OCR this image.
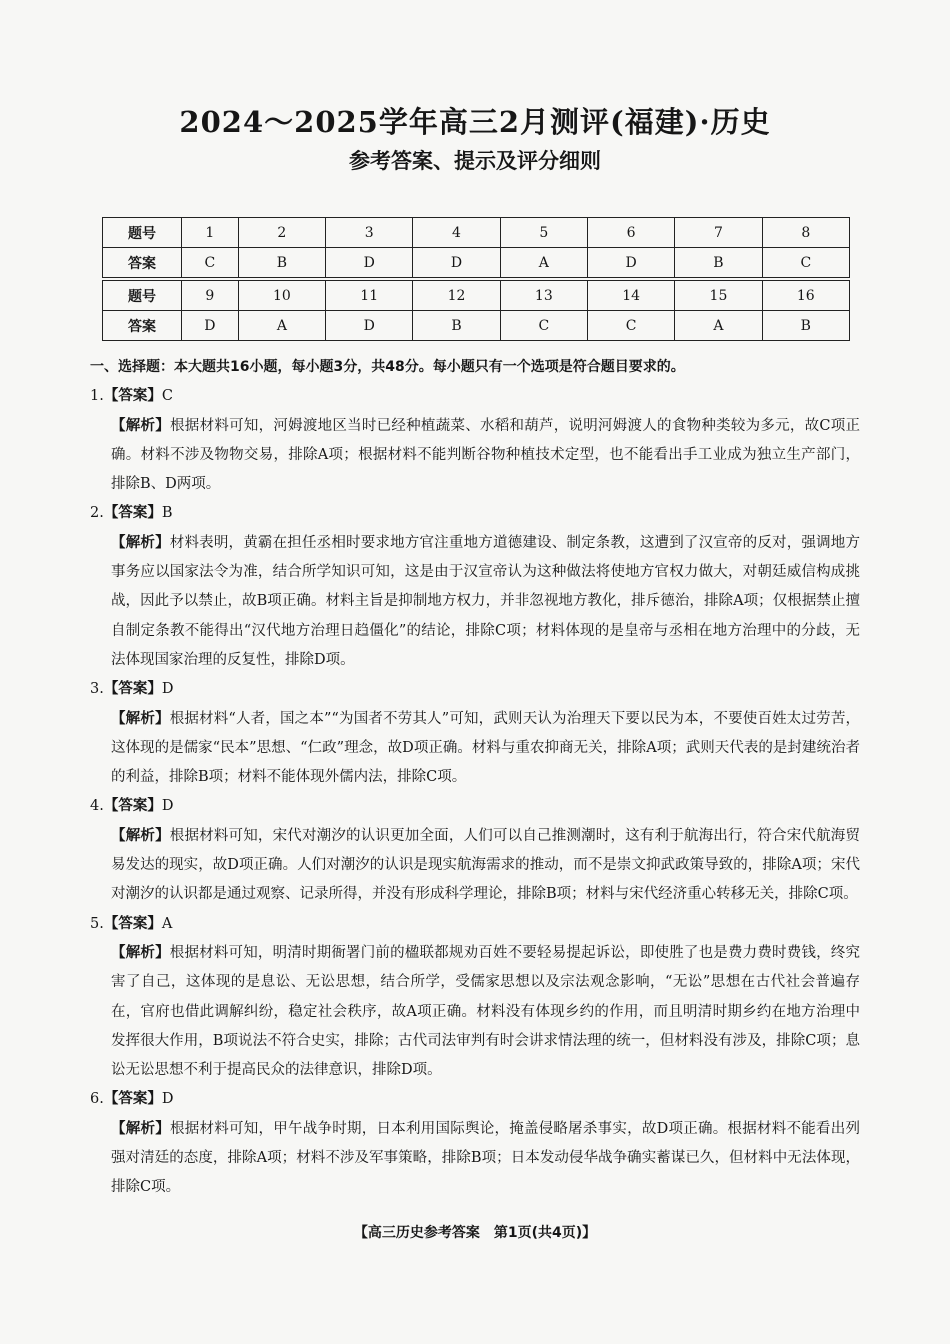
2024～2025学年高三2月测评(福建)·历史
参考答案、提示及评分细则
题号	1	2	3	4	5	6	7	8
答案	C	B	D	D	A	D	B	C

题号	9	10	11	12	13	14	15	16
答案	D	A	D	B	C	C	A	B
一、选择题：本大题共16小题，每小题3分，共48分。每小题只有一个选项是符合题目要求的。
1.【答案】C
【解析】根据材料可知，河姆渡地区当时已经种植蔬菜、水稻和葫芦，说明河姆渡人的食物种类较为多元，故C项正确。材料不涉及物物交易，排除A项；根据材料不能判断谷物种植技术定型，也不能看出手工业成为独立生产部门，排除B、D两项。
2.【答案】B
【解析】材料表明，黄霸在担任丞相时要求地方官注重地方道德建设、制定条教，这遭到了汉宣帝的反对，强调地方事务应以国家法令为准，结合所学知识可知，这是由于汉宣帝认为这种做法将使地方官权力做大，对朝廷威信构成挑战，因此予以禁止，故B项正确。材料主旨是抑制地方权力，并非忽视地方教化，排斥德治，排除A项；仅根据禁止擅自制定条教不能得出“汉代地方治理日趋僵化”的结论，排除C项；材料体现的是皇帝与丞相在地方治理中的分歧，无法体现国家治理的反复性，排除D项。
3.【答案】D
【解析】根据材料“人者，国之本”“为国者不劳其人”可知，武则天认为治理天下要以民为本，不要使百姓太过劳苦，这体现的是儒家“民本”思想、“仁政”理念，故D项正确。材料与重农抑商无关，排除A项；武则天代表的是封建统治者的利益，排除B项；材料不能体现外儒内法，排除C项。
4.【答案】D
【解析】根据材料可知，宋代对潮汐的认识更加全面，人们可以自己推测潮时，这有利于航海出行，符合宋代航海贸易发达的现实，故D项正确。人们对潮汐的认识是现实航海需求的推动，而不是崇文抑武政策导致的，排除A项；宋代对潮汐的认识都是通过观察、记录所得，并没有形成科学理论，排除B项；材料与宋代经济重心转移无关，排除C项。
5.【答案】A
【解析】根据材料可知，明清时期衙署门前的楹联都规劝百姓不要轻易提起诉讼，即使胜了也是费力费时费钱，终究害了自己，这体现的是息讼、无讼思想，结合所学，受儒家思想以及宗法观念影响，“无讼”思想在古代社会普遍存在，官府也借此调解纠纷，稳定社会秩序，故A项正确。材料没有体现乡约的作用，而且明清时期乡约在地方治理中发挥很大作用，B项说法不符合史实，排除；古代司法审判有时会讲求情法理的统一，但材料没有涉及，排除C项；息讼无讼思想不利于提高民众的法律意识，排除D项。
6.【答案】D
【解析】根据材料可知，甲午战争时期，日本利用国际舆论，掩盖侵略屠杀事实，故D项正确。根据材料不能看出列强对清廷的态度，排除A项；材料不涉及军事策略，排除B项；日本发动侵华战争确实蓄谋已久，但材料中无法体现，排除C项。
【高三历史参考答案　第1页(共4页)】
